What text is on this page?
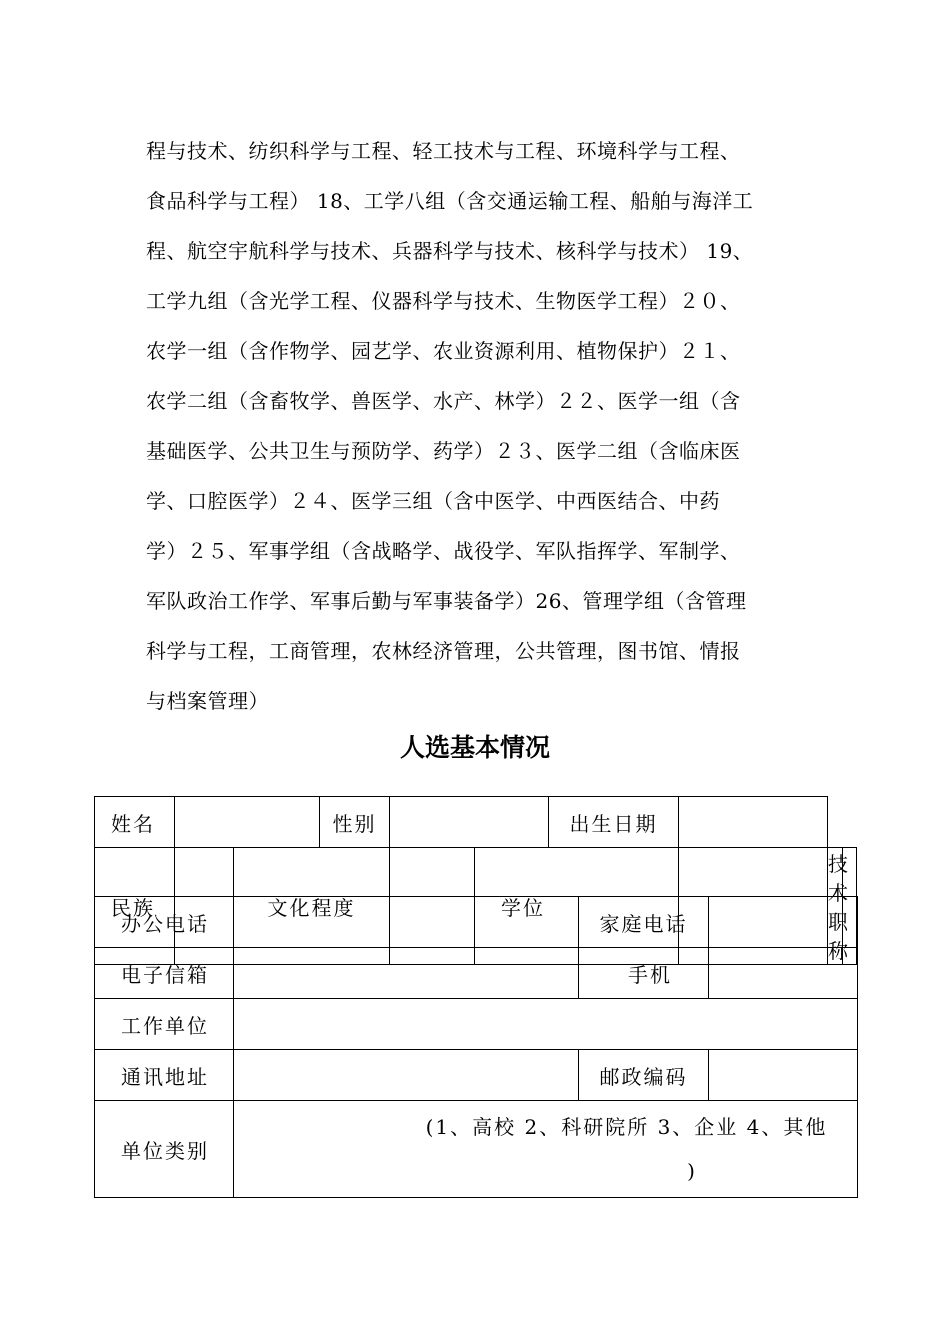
程与技术、纺织科学与工程、轻工技术与工程、环境科学与工程、
食品科学与工程） 18、工学八组（含交通运输工程、船舶与海洋工
程、航空宇航科学与技术、兵器科学与技术、核科学与技术） 19、
工学九组（含光学工程、仪器科学与技术、生物医学工程）２０、
农学一组（含作物学、园艺学、农业资源利用、植物保护）２１、
农学二组（含畜牧学、兽医学、水产、林学）２２、医学一组（含
基础医学、公共卫生与预防学、药学）２３、医学二组（含临床医
学、口腔医学）２４、医学三组（含中医学、中西医结合、中药
学）２５、军事学组（含战略学、战役学、军队指挥学、军制学、
军队政治工作学、军事后勤与军事装备学）26、管理学组（含管理
科学与工程，工商管理，农林经济管理，公共管理，图书馆、情报
与档案管理）
人选基本情况
姓名			性别			出生日期			
民族		文化程度			学位			技术职称	
办公电话		家庭电话	
电子信箱		手机	
工作单位			
通讯地址		邮政编码	
单位类别	(1、高校 2、科研院所 3、企业 4、其他
)		
